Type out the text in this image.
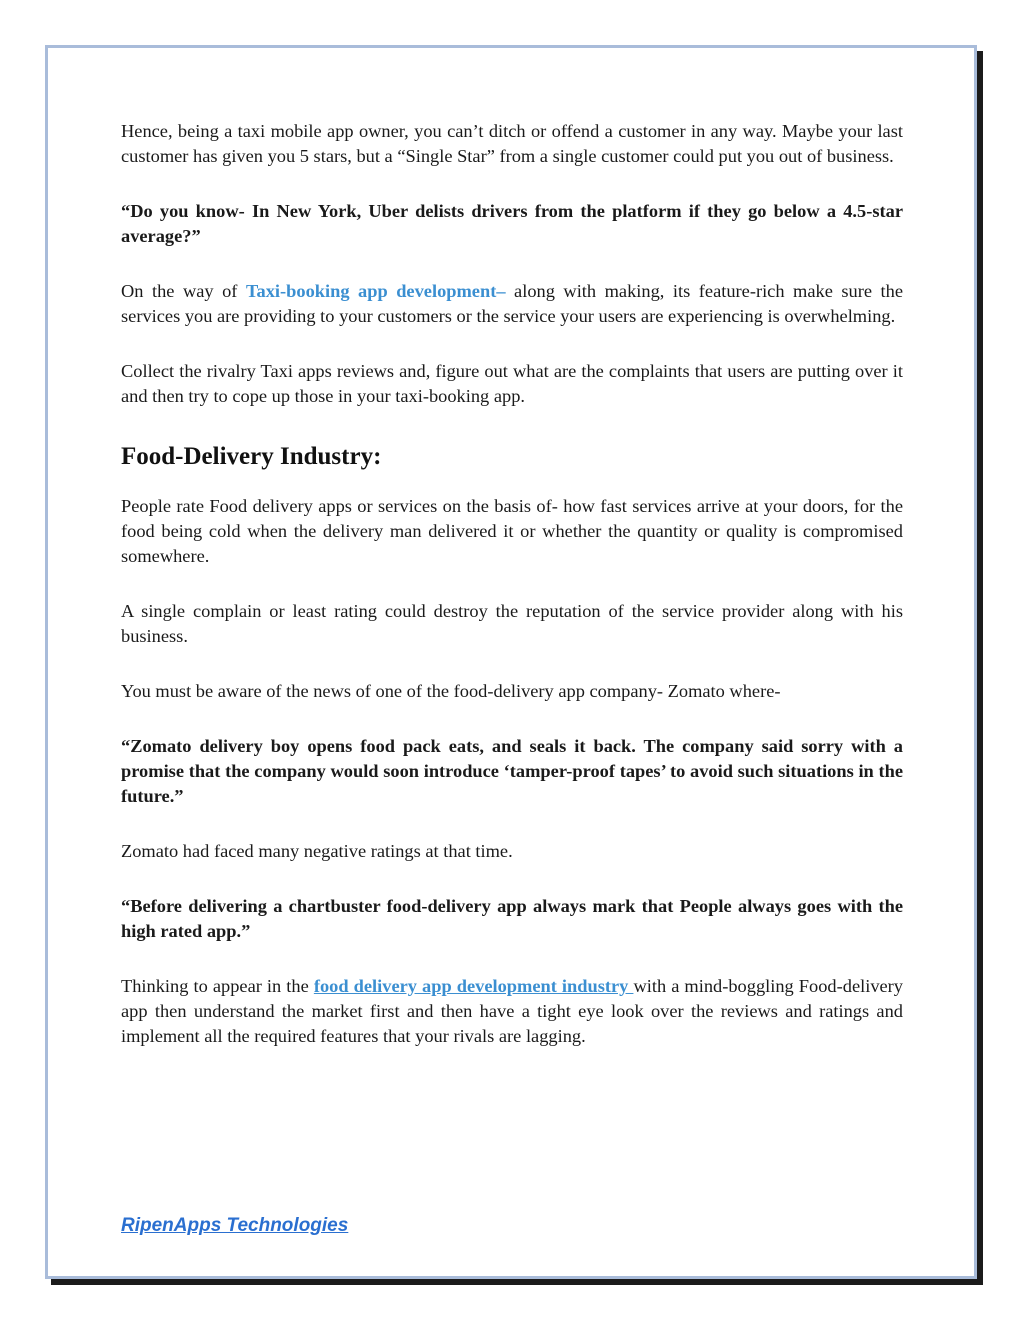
Hence, being a taxi mobile app owner, you can’t ditch or offend a customer in any way. Maybe your last customer has given you 5 stars, but a “Single Star” from a single customer could put you out of business.

“Do you know- In New York, Uber delists drivers from the platform if they go below a 4.5-star average?”

On the way of Taxi-booking app development– along with making, its feature-rich make sure the services you are providing to your customers or the service your users are experiencing is overwhelming.

Collect the rivalry Taxi apps reviews and, figure out what are the complaints that users are putting over it and then try to cope up those in your taxi-booking app.

Food-Delivery Industry:

People rate Food delivery apps or services on the basis of- how fast services arrive at your doors, for the food being cold when the delivery man delivered it or whether the quantity or quality is compromised somewhere.

A single complain or least rating could destroy the reputation of the service provider along with his business.

You must be aware of the news of one of the food-delivery app company- Zomato where-

“Zomato delivery boy opens food pack eats, and seals it back. The company said sorry with a promise that the company would soon introduce ‘tamper-proof tapes’ to avoid such situations in the future.”

Zomato had faced many negative ratings at that time.

“Before delivering a chartbuster food-delivery app always mark that People always goes with the high rated app.”

Thinking to appear in the food delivery app development industry with a mind-boggling Food-delivery app then understand the market first and then have a tight eye look over the reviews and ratings and implement all the required features that your rivals are lagging.

RipenApps Technologies
